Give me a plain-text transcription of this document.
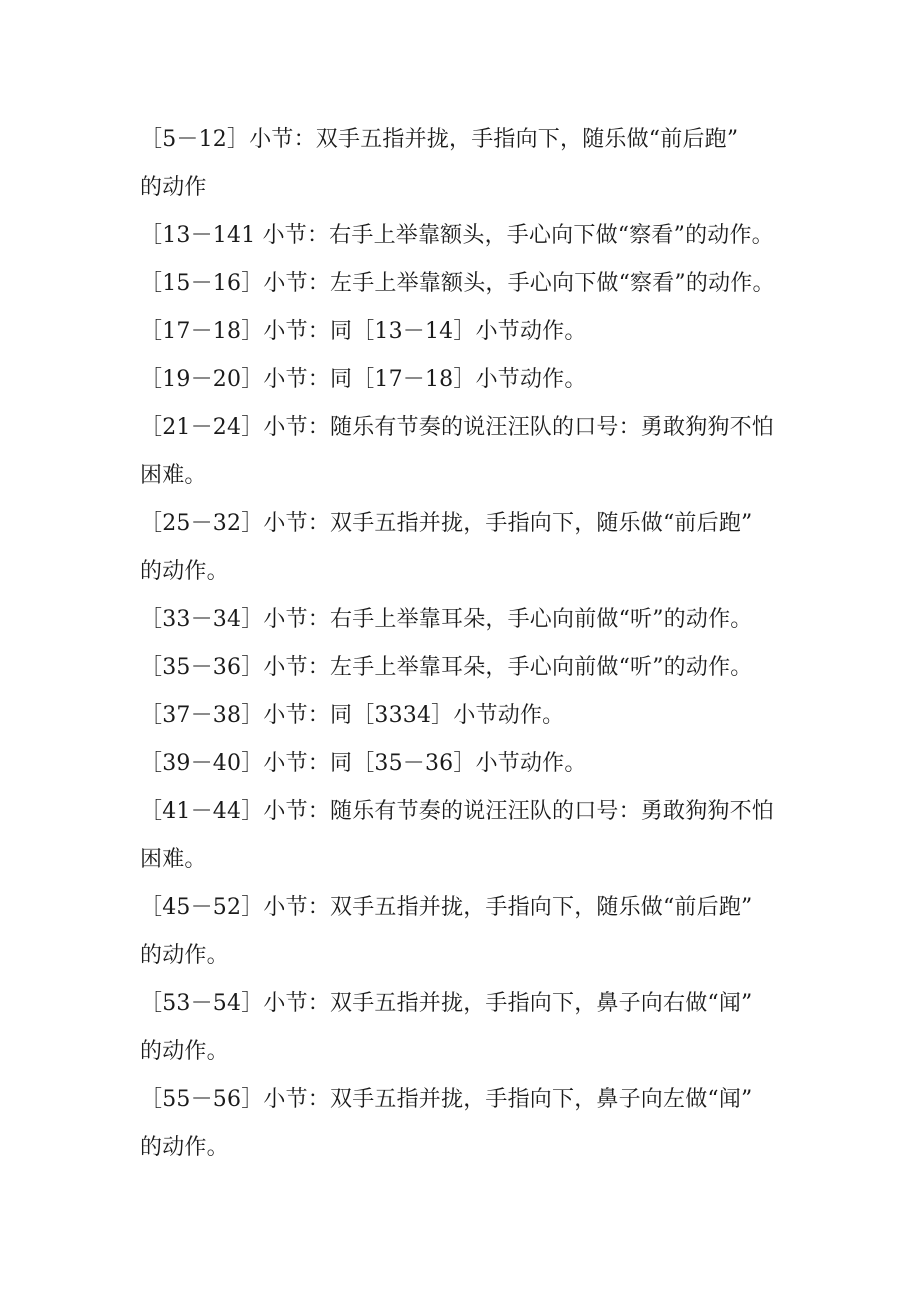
［5－12］小节：双手五指并拢，手指向下，随乐做“前后跑”
的动作

［13－141 小节：右手上举靠额头，手心向下做“察看”的动作。

［15－16］小节：左手上举靠额头，手心向下做“察看”的动作。

［17－18］小节：同［13－14］小节动作。

［19－20］小节：同［17－18］小节动作。

［21－24］小节：随乐有节奏的说汪汪队的口号：勇敢狗狗不怕
困难。

［25－32］小节：双手五指并拢，手指向下，随乐做“前后跑”
的动作。

［33－34］小节：右手上举靠耳朵，手心向前做“听”的动作。

［35－36］小节：左手上举靠耳朵，手心向前做“听”的动作。

［37－38］小节：同［3334］小节动作。

［39－40］小节：同［35－36］小节动作。

［41－44］小节：随乐有节奏的说汪汪队的口号：勇敢狗狗不怕
困难。

［45－52］小节：双手五指并拢，手指向下，随乐做“前后跑”
的动作。

［53－54］小节：双手五指并拢，手指向下，鼻子向右做“闻”
的动作。

［55－56］小节：双手五指并拢，手指向下，鼻子向左做“闻”
的动作。
